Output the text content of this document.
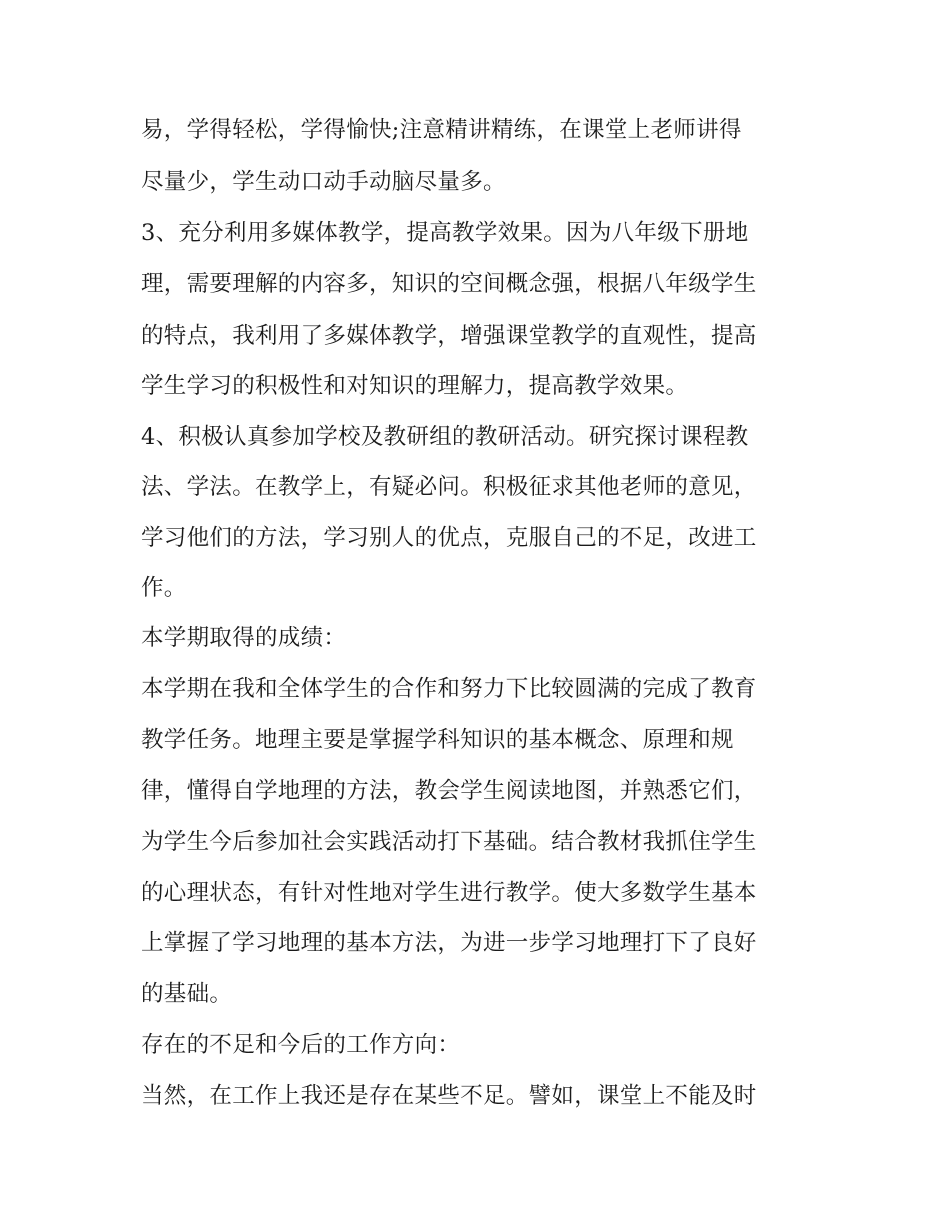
易，学得轻松，学得愉快;注意精讲精练，在课堂上老师讲得
尽量少，学生动口动手动脑尽量多。
3、充分利用多媒体教学，提高教学效果。因为八年级下册地
理，需要理解的内容多，知识的空间概念强，根据八年级学生
的特点，我利用了多媒体教学，增强课堂教学的直观性，提高
学生学习的积极性和对知识的理解力，提高教学效果。
4、积极认真参加学校及教研组的教研活动。研究探讨课程教
法、学法。在教学上，有疑必问。积极征求其他老师的意见，
学习他们的方法，学习别人的优点，克服自己的不足，改进工
作。
本学期取得的成绩：
本学期在我和全体学生的合作和努力下比较圆满的完成了教育
教学任务。地理主要是掌握学科知识的基本概念、原理和规
律，懂得自学地理的方法，教会学生阅读地图，并熟悉它们，
为学生今后参加社会实践活动打下基础。结合教材我抓住学生
的心理状态，有针对性地对学生进行教学。使大多数学生基本
上掌握了学习地理的基本方法，为进一步学习地理打下了良好
的基础。
存在的不足和今后的工作方向：
当然，在工作上我还是存在某些不足。譬如，课堂上不能及时
